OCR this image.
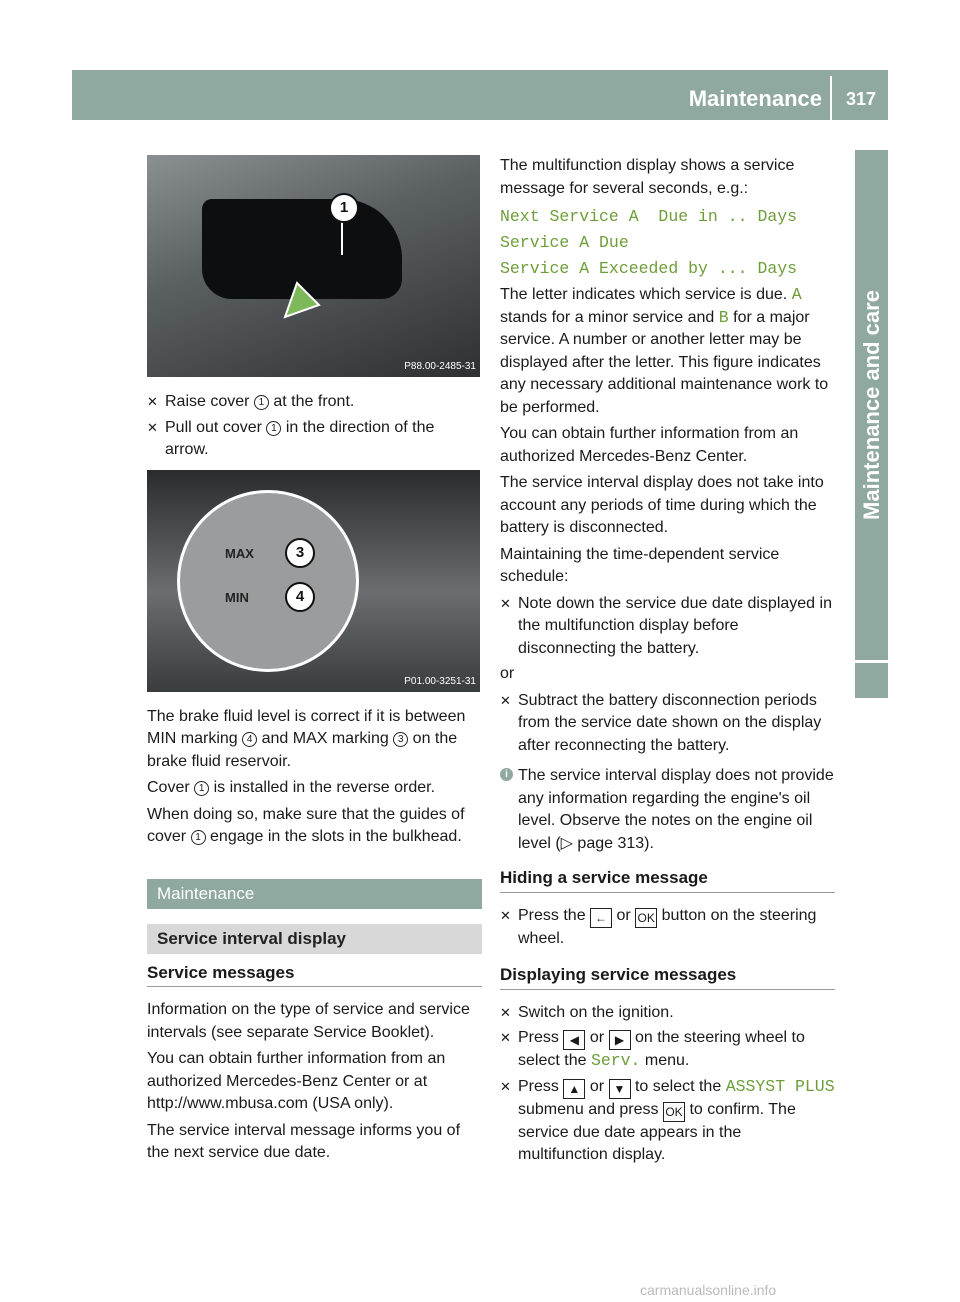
Maintenance	317
Maintenance and care
1
P88.00-2485-31
✕ Raise cover 1 at the front.
✕ Pull out cover 1 in the direction of the arrow.
MAX
MIN
3
4
P01.00-3251-31

The brake fluid level is correct if it is between MIN marking 4 and MAX marking 3 on the brake fluid reservoir.

Cover 1 is installed in the reverse order.

When doing so, make sure that the guides of cover 1 engage in the slots in the bulkhead.

Maintenance
Service interval display
Service messages

Information on the type of service and service intervals (see separate Service Booklet).

You can obtain further information from an authorized Mercedes-Benz Center or at http://www.mbusa.com (USA only).

The service interval message informs you of the next service due date.

The multifunction display shows a service message for several seconds, e.g.:

Next Service A  Due in .. Days
Service A Due
Service A Exceeded by ... Days

The letter indicates which service is due. A stands for a minor service and B for a major service. A number or another letter may be displayed after the letter. This figure indicates any necessary additional maintenance work to be performed.

You can obtain further information from an authorized Mercedes-Benz Center.

The service interval display does not take into account any periods of time during which the battery is disconnected.

Maintaining the time-dependent service schedule:

✕ Note down the service due date displayed in the multifunction display before disconnecting the battery.

or

✕ Subtract the battery disconnection periods from the service date shown on the display after reconnecting the battery.
i The service interval display does not provide any information regarding the engine's oil level. Observe the notes on the engine oil level (▷ page 313).
Hiding a service message
✕ Press the ← or OK button on the steering wheel.
Displaying service messages
✕ Switch on the ignition.
✕ Press ◀ or ▶ on the steering wheel to select the Serv. menu.
✕ Press ▲ or ▼ to select the ASSYST PLUS submenu and press OK to confirm. The service due date appears in the multifunction display.
carmanualsonline.info
